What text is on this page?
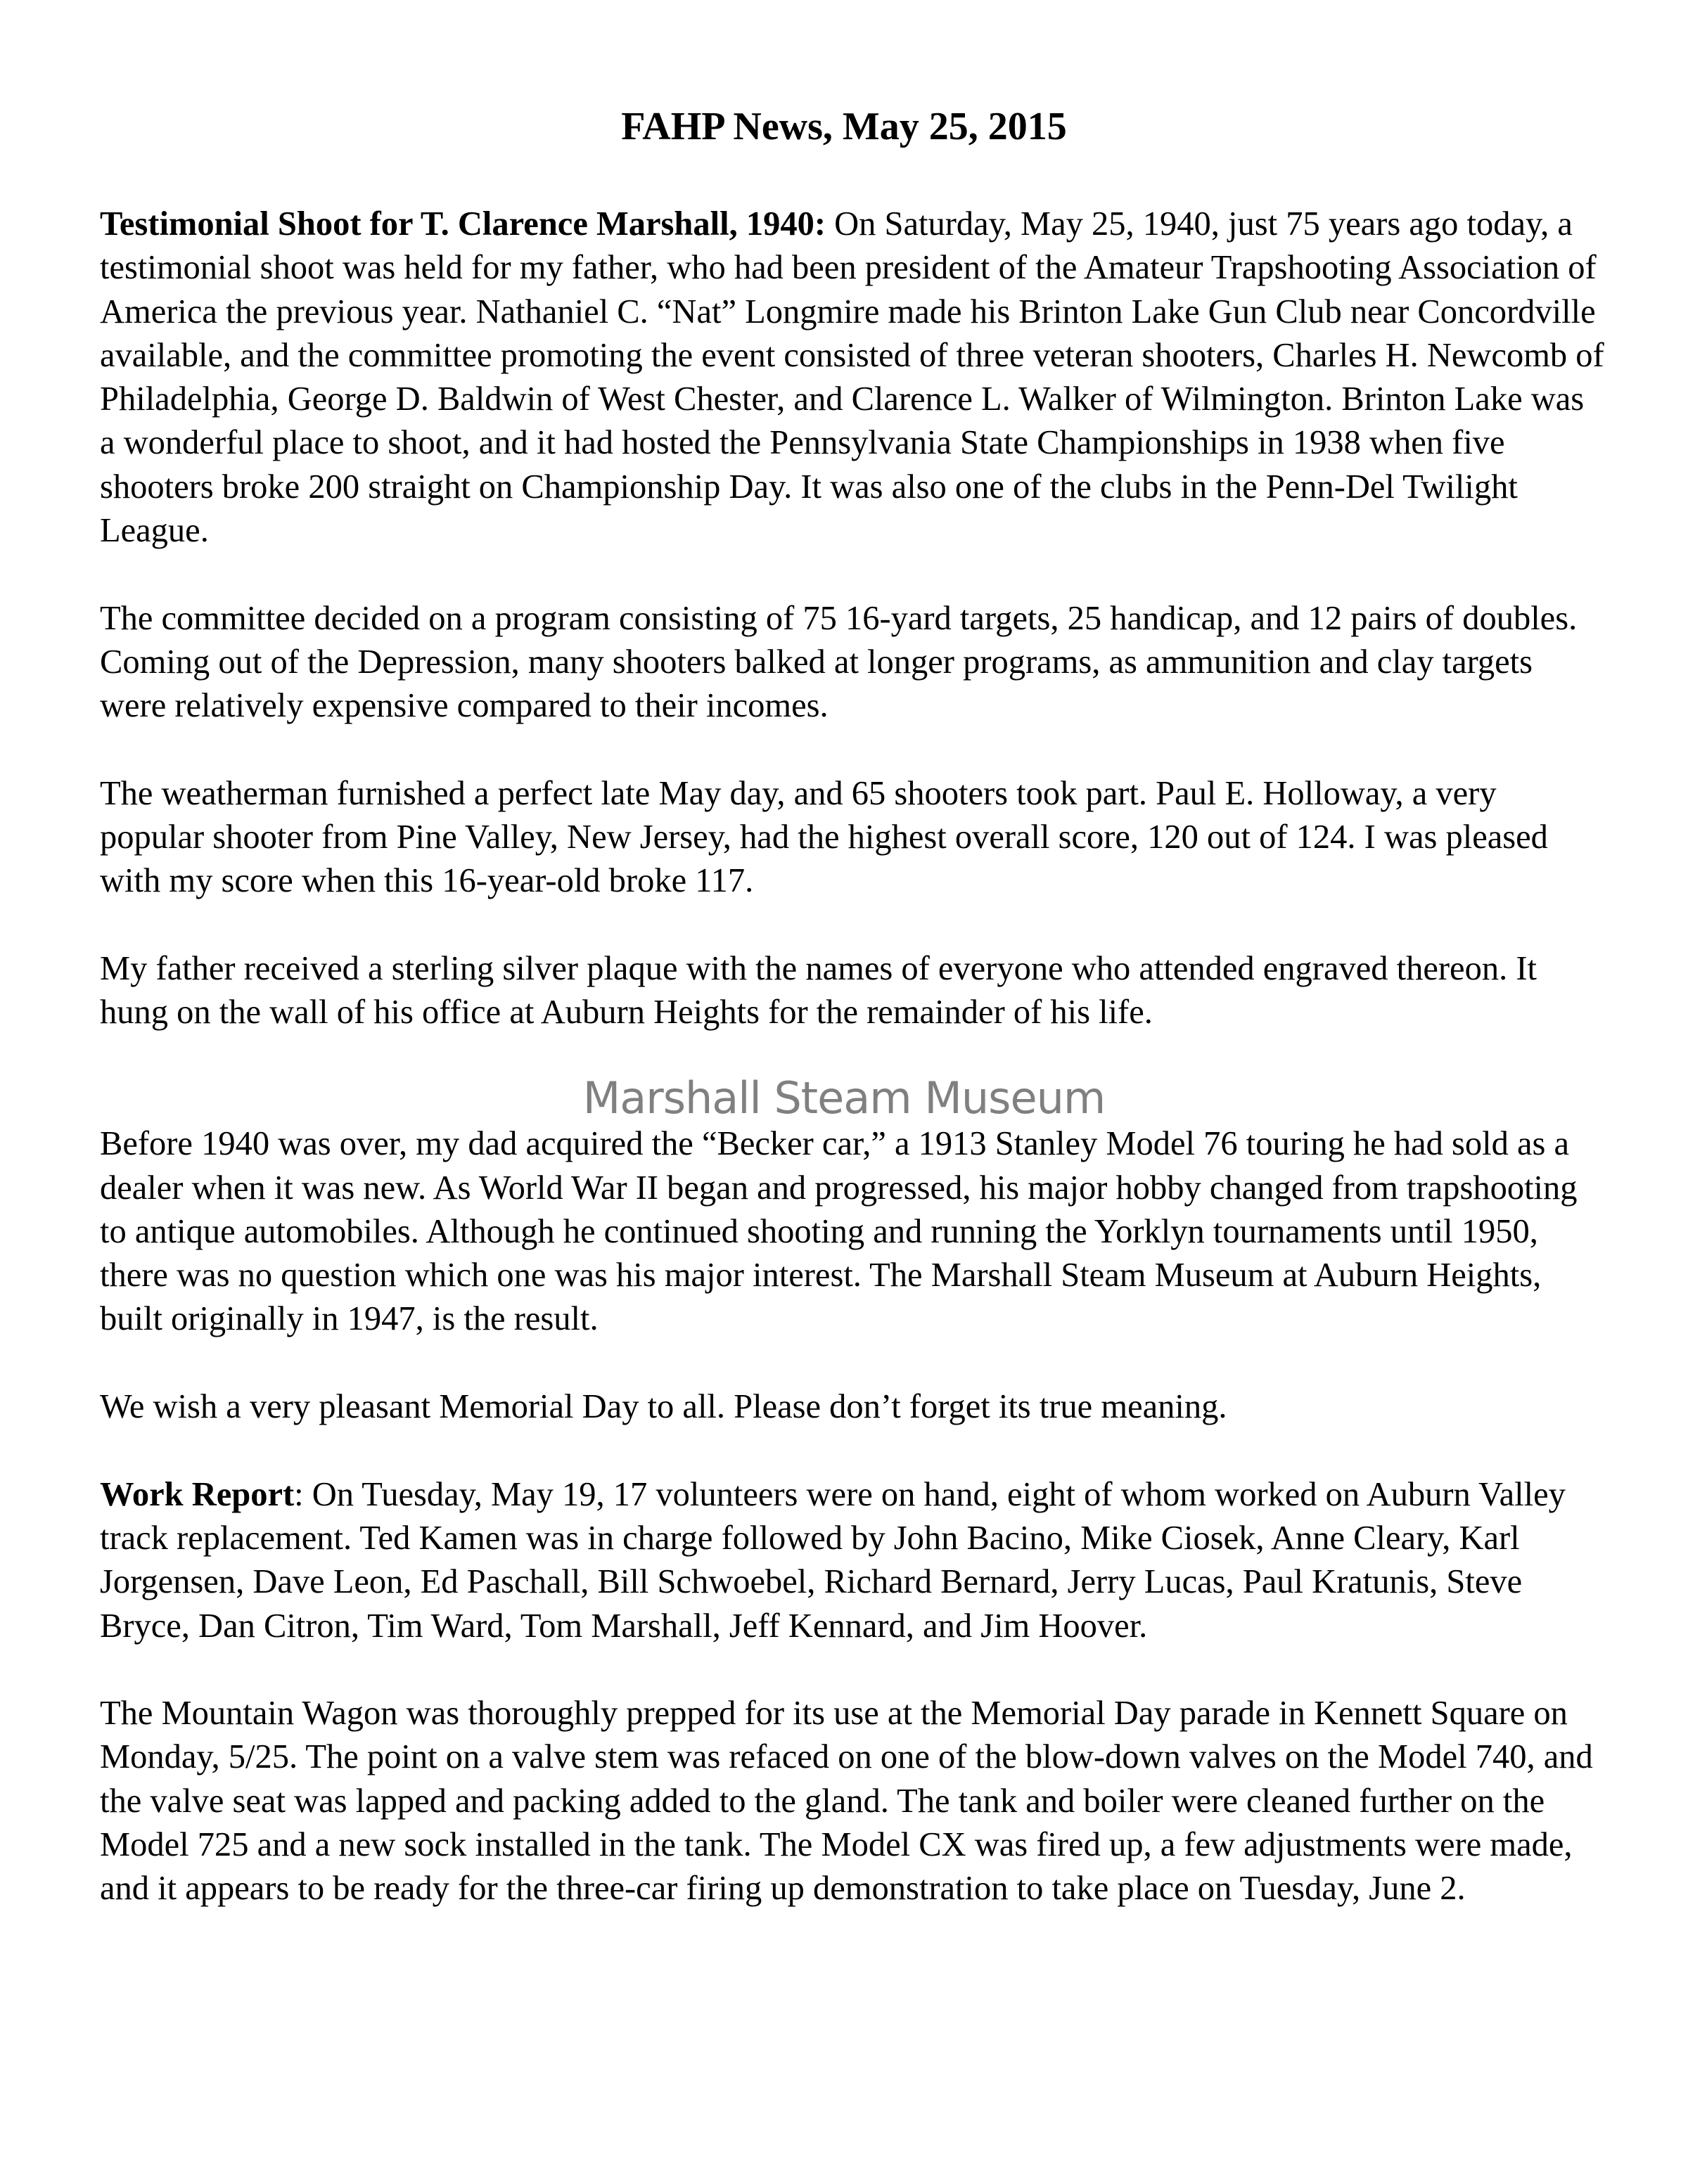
FAHP News, May 25, 2015

Testimonial Shoot for T. Clarence Marshall, 1940: On Saturday, May 25, 1940, just 75 years ago today, a testimonial shoot was held for my father, who had been president of the Amateur Trapshooting Association of America the previous year. Nathaniel C. “Nat” Longmire made his Brinton Lake Gun Club near Concordville available, and the committee promoting the event consisted of three veteran shooters, Charles H. Newcomb of Philadelphia, George D. Baldwin of West Chester, and Clarence L. Walker of Wilmington. Brinton Lake was a wonderful place to shoot, and it had hosted the Pennsylvania State Championships in 1938 when five shooters broke 200 straight on Championship Day. It was also one of the clubs in the Penn-Del Twilight League.

The committee decided on a program consisting of 75 16-yard targets, 25 handicap, and 12 pairs of doubles. Coming out of the Depression, many shooters balked at longer programs, as ammunition and clay targets were relatively expensive compared to their incomes.

The weatherman furnished a perfect late May day, and 65 shooters took part. Paul E. Holloway, a very popular shooter from Pine Valley, New Jersey, had the highest overall score, 120 out of 124. I was pleased with my score when this 16-year-old broke 117.

My father received a sterling silver plaque with the names of everyone who attended engraved thereon. It hung on the wall of his office at Auburn Heights for the remainder of his life.

Before 1940 was over, my dad acquired the “Becker car,” a 1913 Stanley Model 76 touring he had sold as a dealer when it was new. As World War II began and progressed, his major hobby changed from trapshooting to antique automobiles. Although he continued shooting and running the Yorklyn tournaments until 1950, there was no question which one was his major interest. The Marshall Steam Museum at Auburn Heights, built originally in 1947, is the result.

We wish a very pleasant Memorial Day to all. Please don’t forget its true meaning.

Work Report: On Tuesday, May 19, 17 volunteers were on hand, eight of whom worked on Auburn Valley track replacement. Ted Kamen was in charge followed by John Bacino, Mike Ciosek, Anne Cleary, Karl Jorgensen, Dave Leon, Ed Paschall, Bill Schwoebel, Richard Bernard, Jerry Lucas, Paul Kratunis, Steve Bryce, Dan Citron, Tim Ward, Tom Marshall, Jeff Kennard, and Jim Hoover.

The Mountain Wagon was thoroughly prepped for its use at the Memorial Day parade in Kennett Square on Monday, 5/25. The point on a valve stem was refaced on one of the blow-down valves on the Model 740, and the valve seat was lapped and packing added to the gland. The tank and boiler were cleaned further on the Model 725 and a new sock installed in the tank. The Model CX was fired up, a few adjustments were made, and it appears to be ready for the three-car firing up demonstration to take place on Tuesday, June 2.

Marshall Steam Museum
